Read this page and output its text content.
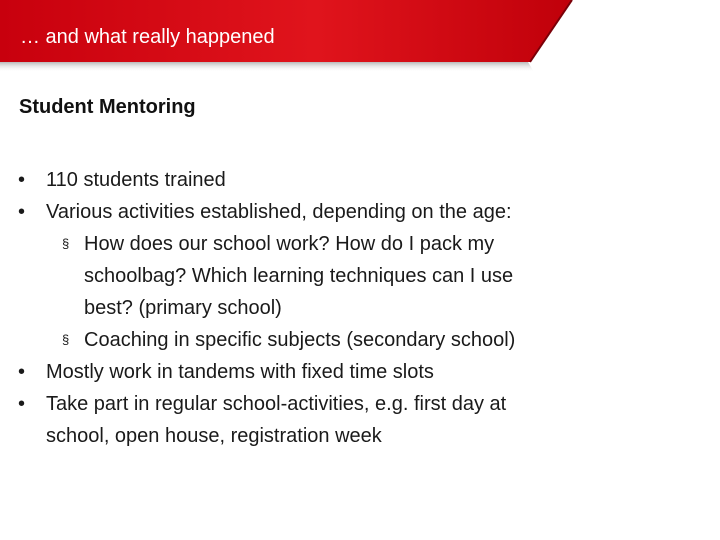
… and what really happened
Student Mentoring
• 110 students trained
• Various activities established, depending on the age:
§ How does our school work? How do I pack my
schoolbag? Which learning techniques can I use
best? (primary school)
§ Coaching in specific subjects (secondary school)
• Mostly work in tandems with fixed time slots
• Take part in regular school-activities, e.g. first day at
school, open house, registration week
